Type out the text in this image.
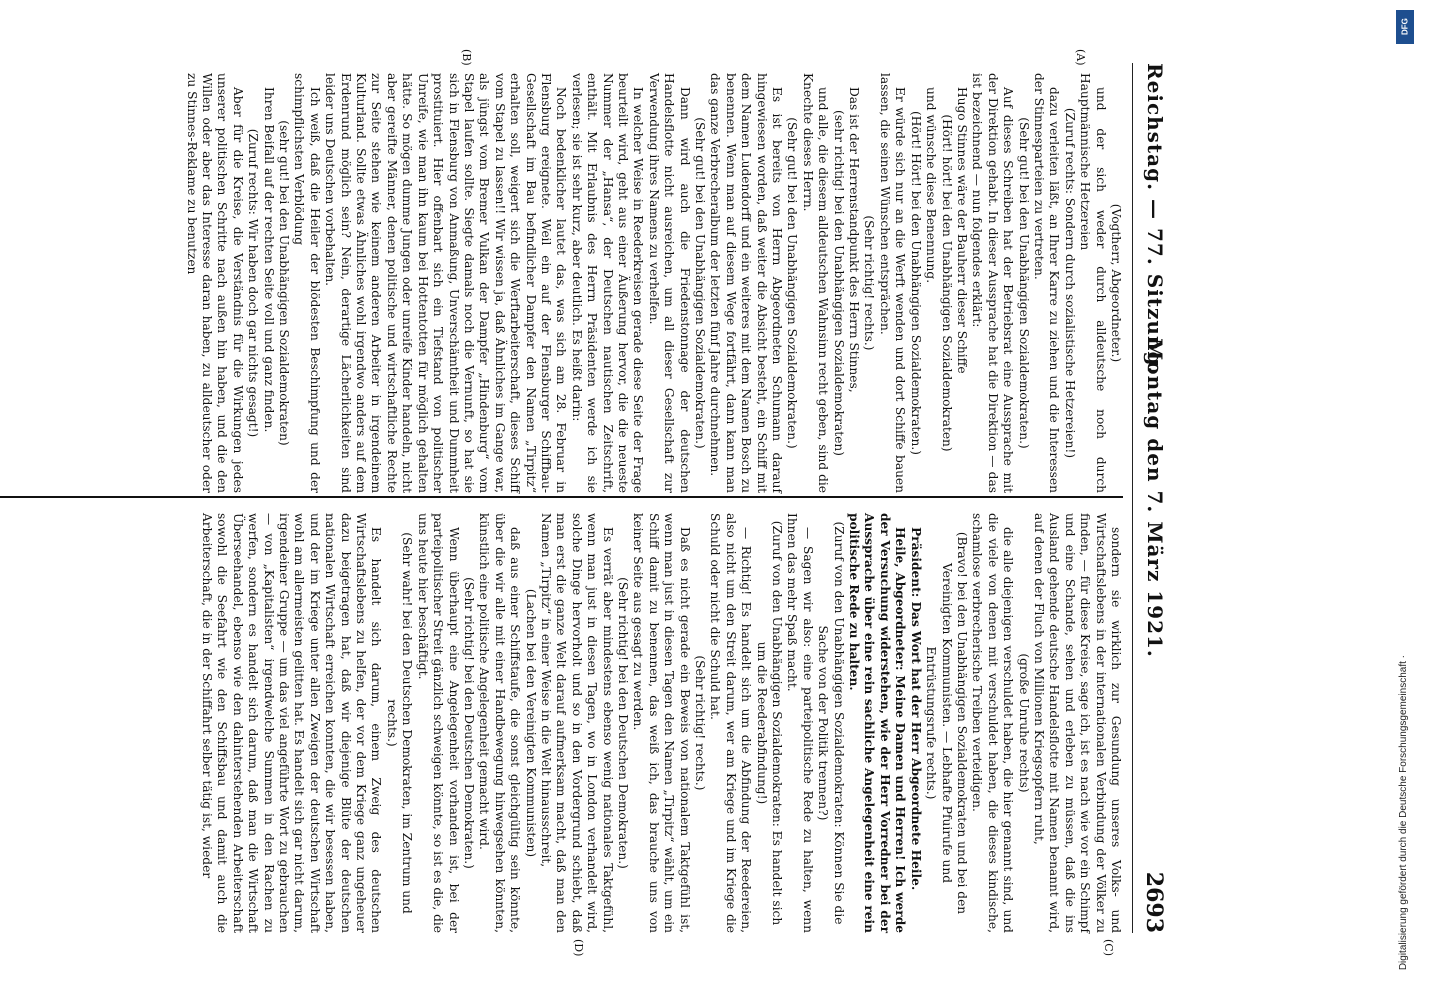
Reichstag. — 77. Sitzung.
Montag den 7. März 1921.
2693
(A)
(B)
(C)
(D)

(Vogtherr, Abgeordneter.)

und der sich weder durch alldeutsche noch durch Hauptmännische Hetzereien

(Zuruf rechts: Sondern durch sozialistische Hetzereien!)

dazu verleiten läßt, an Ihrer Karre zu ziehen und die Interessen der Stinnesparteien zu vertreten.

(Sehr gut! bei den Unabhängigen Sozialdemokraten.)

Auf dieses Schreiben hat der Betriebsrat eine Aussprache mit der Direktion gehabt. In dieser Aussprache hat die Direktion — das ist bezeichnend — nun folgendes erklärt:

Hugo Stinnes wäre der Bauherr dieser Schiffe

(Hört! hört! bei den Unabhängigen Sozialdemokraten)

und wünsche diese Benennung.

(Hört! Hört! bei den Unabhängigen Sozialdemokraten.)

Er würde sich nur an die Werft wenden und dort Schiffe bauen lassen, die seinen Wünschen entsprächen.

(Sehr richtig! rechts.)

Das ist der Herrenstandpunkt des Herrn Stinnes,

(sehr richtig! bei den Unabhängigen Sozialdemokraten)

und alle, die diesem alldeutschen Wahnsinn recht geben, sind die Knechte dieses Herrn.

(Sehr gut! bei den Unabhängigen Sozialdemokraten.)

Es ist bereits von Herrn Abgeordneten Schumann darauf hingewiesen worden, daß weiter die Absicht besteht, ein Schiff mit dem Namen Ludendorff und ein weiteres mit dem Namen Bosch zu benennen. Wenn man auf diesem Wege fortfährt, dann kann man das ganze Verbrecheralbum der letzten fünf Jahre durchnehmen.

(Sehr gut! bei den Unabhängigen Sozialdemokraten.)

Dann wird auch die Friedenstonnage der deutschen Handelsflotte nicht ausreichen, um all dieser Gesellschaft zur Verwendung ihres Namens zu verhelfen.

In welcher Weise in Reederkreisen gerade diese Seite der Frage beurteilt wird, geht aus einer Äußerung hervor, die die neueste Nummer der „Hansa“, der Deutschen nautischen Zeitschrift, enthält. Mit Erlaubnis des Herrn Präsidenten werde ich sie verlesen; sie ist sehr kurz, aber deutlich. Es heißt darin:

Noch bedenklicher lautet das, was sich am 28. Februar in Flensburg ereignete. Weil ein auf der Flensburger Schiffbau-Gesellschaft im Bau befindlicher Dampfer den Namen „Tirpitz“ erhalten soll, weigert sich die Werftarbeiterschaft, dieses Schiff vom Stapel zu lassen!! Wir wissen ja, daß Ähnliches im Gange war, als jüngst vom Bremer Vulkan der Dampfer „Hindenburg“ vom Stapel laufen sollte. Siegte damals noch die Vernunft, so hat sie sich in Flensburg von Anmaßung, Unverschämtheit und Dummheit prostituiert. Hier offenbart sich ein Tiefstand von politischer Unreife, wie man ihn kaum bei Hottentotten für möglich gehalten hätte. So mögen dumme Jungen oder unreife Kinder handeln, nicht aber gereifte Männer, denen politische und wirtschaftliche Rechte zur Seite stehen wie keinem anderen Arbeiter in irgendeinem Kulturland. Sollte etwas Ähnliches wohl irgendwo anders auf dem Erdenrund möglich sein? Nein, derartige Lächerlichkeiten sind leider uns Deutschen vorbehalten.

Ich weiß, daß die Heiler der blödesten Beschimpfung und der schimpflichsten Verblödung

(sehr gut! bei den Unabhängigen Sozialdemokraten)

Ihren Beifall auf der rechten Seite voll und ganz finden.

(Zuruf rechts: Wir haben doch gar nichts gesagt!)

Aber für die Kreise, die Verständnis für die Wirkungen jedes unserer politischen Schritte nach außen hin haben, und die den Willen oder aber das Interesse daran haben, zu alldeutscher oder zu Stinnes-Reklame zu benutzen

sondern sie wirklich zur Gesundung unseres Volks- und Wirtschaftslebens in der internationalen Verbindung der Völker zu finden, — für diese Kreise, sage ich, ist es nach wie vor ein Schimpf und eine Schande, sehen und erleben zu müssen, daß die ins Ausland gehende deutsche Handelsflotte mit Namen benannt wird, auf denen der Fluch von Millionen Kriegsopfern ruht,

(große Unruhe rechts)

die alle diejenigen verschuldet haben, die hier genannt sind, und die viele von denen mit verschuldet haben, die dieses kindische, schamlose verbrecherische Treiben verteidigen.

(Bravo! bei den Unabhängigen Sozialdemokraten und bei den Vereinigten Kommunisten. — Lebhafte Pfuirufe und Entrüstungsrufe rechts.)

Präsident: Das Wort hat der Herr Abgeordnete Heile.

Heile, Abgeordneter: Meine Damen und Herren! Ich werde der Versuchung widerstehen, wie der Herr Vorredner bei der Aussprache über eine rein sachliche Angelegenheit eine rein politische Rede zu halten.

(Zuruf von den Unabhängigen Sozialdemokraten: Können Sie die Sache von der Politik trennen?)

— Sagen wir also: eine parteipolitische Rede zu halten, wenn Ihnen das mehr Spaß macht.

(Zuruf von den Unabhängigen Sozialdemokraten: Es handelt sich um die Reederabfindung!)

— Richtig! Es handelt sich um die Abfindung der Reedereien, also nicht um den Streit darum, wer am Kriege und im Kriege die Schuld oder nicht die Schuld hat.

(Sehr richtig! rechts.)

Daß es nicht gerade ein Beweis von nationalem Taktgefühl ist, wenn man just in diesen Tagen den Namen „Tirpitz“ wählt, um ein Schiff damit zu benennen, das weiß ich, das brauche uns von keiner Seite aus gesagt zu werden.

(Sehr richtig! bei den Deutschen Demokraten.)

Es verrät aber mindestens ebenso wenig nationales Taktgefühl, wenn man just in diesen Tagen, wo in London verhandelt wird, solche Dinge hervorholt und so in den Vordergrund schiebt, daß man erst die ganze Welt darauf aufmerksam macht, daß man den Namen „Tirpitz“ in einer Weise in die Welt hinausschreit,

(Lachen bei den Vereinigten Kommunisten)

daß aus einer Schiffstaufe, die sonst gleichgültig sein könnte, über die wir alle mit einer Handbewegung hinwegsehen könnten, künstlich eine politische Angelegenheit gemacht wird.

(Sehr richtig! bei den Deutschen Demokraten.)

Wenn überhaupt eine Angelegenheit vorhanden ist, bei der parteipolitischer Streit gänzlich schweigen könnte, so ist es die, die uns heute hier beschäftigt.

(Sehr wahr! bei den Deutschen Demokraten, im Zentrum und rechts.)

Es handelt sich darum, einem Zweig des deutschen Wirtschaftslebens zu helfen, der vor dem Kriege ganz ungeheuer dazu beigetragen hat, daß wir diejenige Blüte der deutschen nationalen Wirtschaft erreichen konnten, die wir besessen haben, und der im Kriege unter allen Zweigen der deutschen Wirtschaft wohl am allermeisten gelitten hat. Es handelt sich gar nicht darum, irgendeiner Gruppe — um das viel angeführte Wort zu gebrauchen — von „Kapitalisten“ irgendwelche Summen in den Rachen zu werfen, sondern es handelt sich darum, daß man die Wirtschaft Überseehandel, ebenso wie den dahinterstehenden Arbeiterschaft sowohl die Seefahrt wie den Schiffsbau und damit auch die Arbeiterschaft, die in der Schiffahrt selber tätig ist, wieder

DFG
Digitalisierung gefördert durch die Deutsche Forschungsgemeinschaft ·
